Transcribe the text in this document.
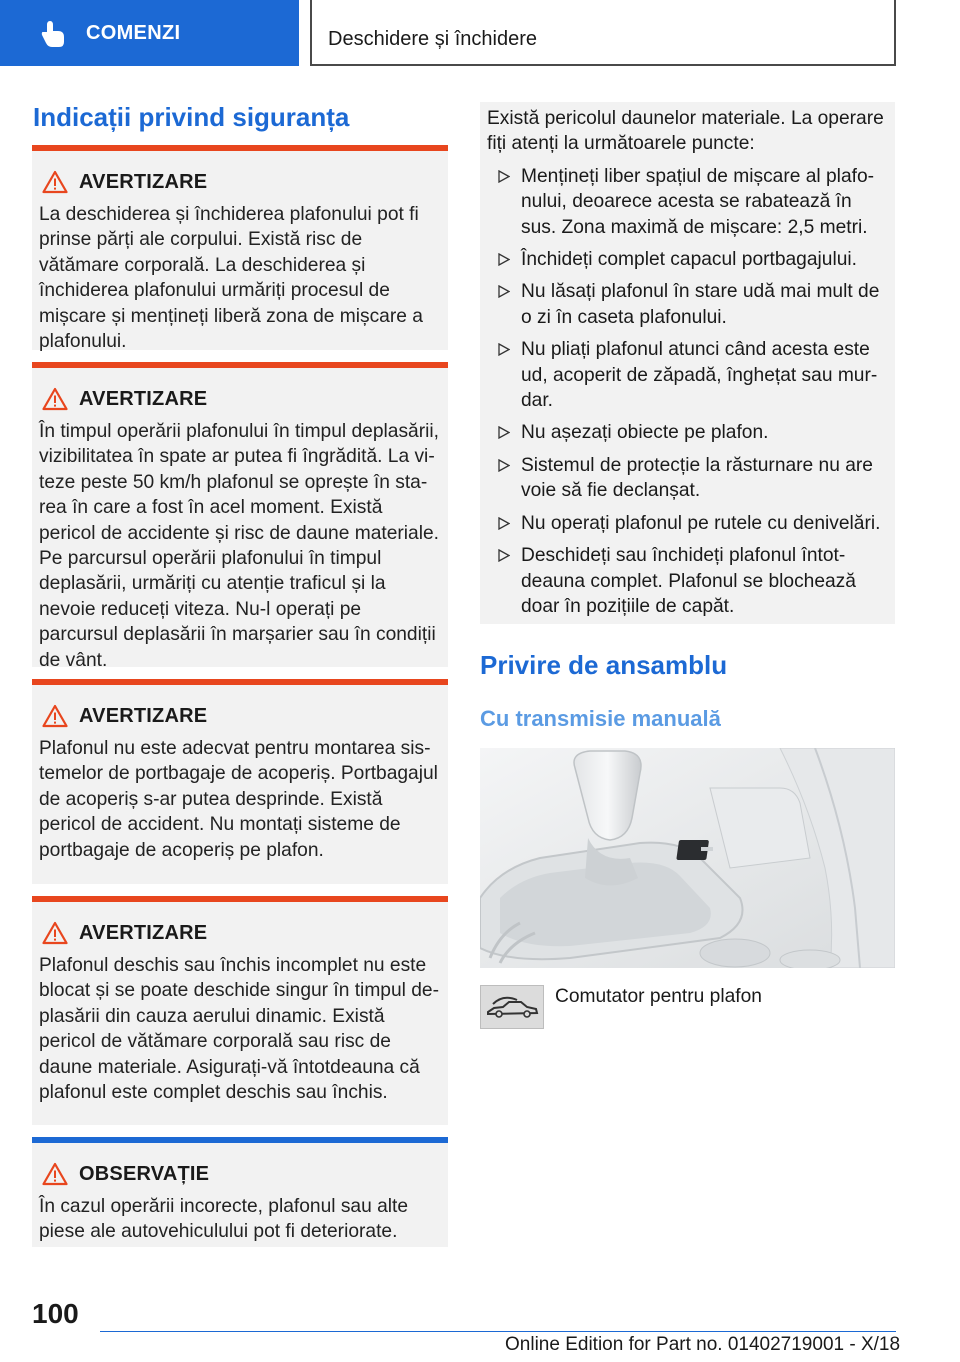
COMENZI	Deschidere și închidere
Indicații privind siguranța
AVERTIZARE
La deschiderea și închiderea plafonului pot fi prinse părți ale corpului. Există risc de vătămare corporală. La deschiderea și închiderea plafonului urmăriți procesul de mișcare și mențineți liberă zona de mișcare a plafonului.
AVERTIZARE
În timpul operării plafonului în timpul deplasării, vizibilitatea în spate ar putea fi îngrădită. La viteze peste 50 km/h plafonul se oprește în starea în care a fost în acel moment. Există pericol de accidente și risc de daune materiale. Pe parcursul operării plafonului în timpul deplasării, urmăriți cu atenție traficul și la nevoie reduceți viteza. Nu-l operați pe parcursul deplasării în marșarier sau în condiții de vânt.
AVERTIZARE
Plafonul nu este adecvat pentru montarea sistemelor de portbagaje de acoperiș. Portbagajul de acoperiș s-ar putea desprinde. Există pericol de accident. Nu montați sisteme de portbagaje de acoperiș pe plafon.
AVERTIZARE
Plafonul deschis sau închis incomplet nu este blocat și se poate deschide singur în timpul deplasării din cauza aerului dinamic. Există pericol de vătămare corporală sau risc de daune materiale. Asigurați-vă întotdeauna că plafonul este complet deschis sau închis.
OBSERVAȚIE
În cazul operării incorecte, plafonul sau alte piese ale autovehiculului pot fi deteriorate.
Există pericolul daunelor materiale. La operare fiți atenți la următoarele puncte:
Mențineți liber spațiul de mișcare al plafonului, deoarece acesta se rabatează în sus. Zona maximă de mișcare: 2,5 metri.
Închideți complet capacul portbagajului.
Nu lăsați plafonul în stare udă mai mult de o zi în caseta plafonului.
Nu pliați plafonul atunci când acesta este ud, acoperit de zăpadă, înghețat sau murdar.
Nu așezați obiecte pe plafon.
Sistemul de protecție la răsturnare nu are voie să fie declanșat.
Nu operați plafonul pe rutele cu denivelări.
Deschideți sau închideți plafonul întotdeauna complet. Plafonul se blochează doar în pozițiile de capăt.
Privire de ansamblu
Cu transmisie manuală
Comutator pentru plafon
100
Online Edition for Part no. 01402719001 - X/18
